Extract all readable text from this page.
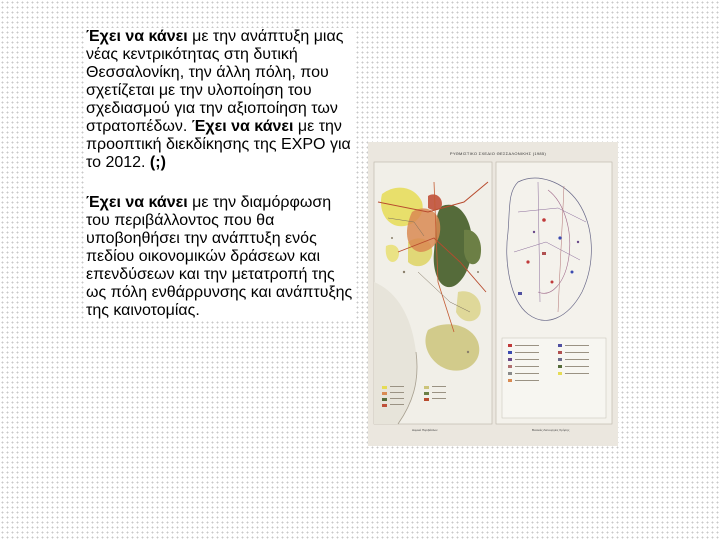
Έχει να κάνει με την ανάπτυξη μιας νέας κεντρικότητας στη δυτική Θεσσαλονίκη, την άλλη πόλη, που σχετίζεται με την υλοποίηση του σχεδιασμού για την αξιοποίηση των στρατοπέδων. Έχει να κάνει με την προοπτική διεκδίκησης της EXPO για το 2012. (;)

Έχει να κάνει με την διαμόρφωση του περιβάλλοντος που θα υποβοηθήσει την ανάπτυξη ενός πεδίου οικονομικών δράσεων και επενδύσεων και την μετατροπή της ως πόλη ενθάρρυνσης και ανάπτυξης της καινοτομίας.

ΡΥΘΜΙΣΤΙΚΟ ΣΧΕΔΙΟ ΘΕΣΣΑΛΟΝΙΚΗΣ (1985)
Δομικό Περιβάλλον	Βασικές Λειτουργίες Χρήσης
